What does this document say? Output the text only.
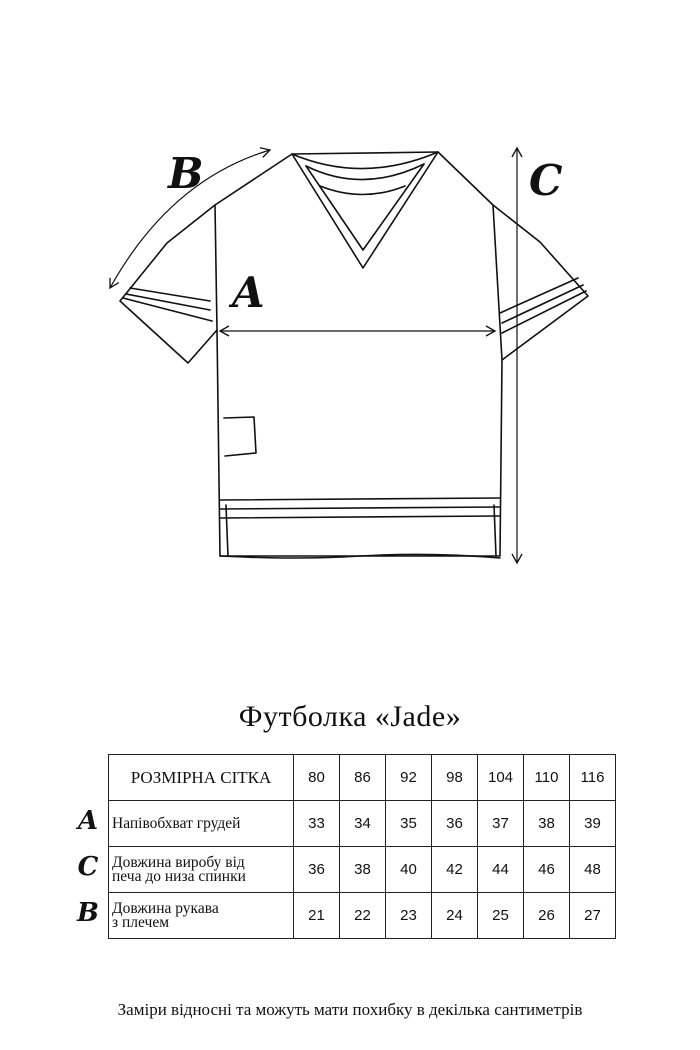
B
A
C
Футболка «Jade»
РОЗМІРНА СІТКА	80	86	92	98	104	110	116
Напівобхват грудей	33	34	35	36	37	38	39
Довжина виробу від
печа до низа спинки	36	38	40	42	44	46	48
Довжина рукава
з плечем	21	22	23	24	25	26	27
A
C
B
Заміри відносні та можуть мати похибку в декілька сантиметрів
